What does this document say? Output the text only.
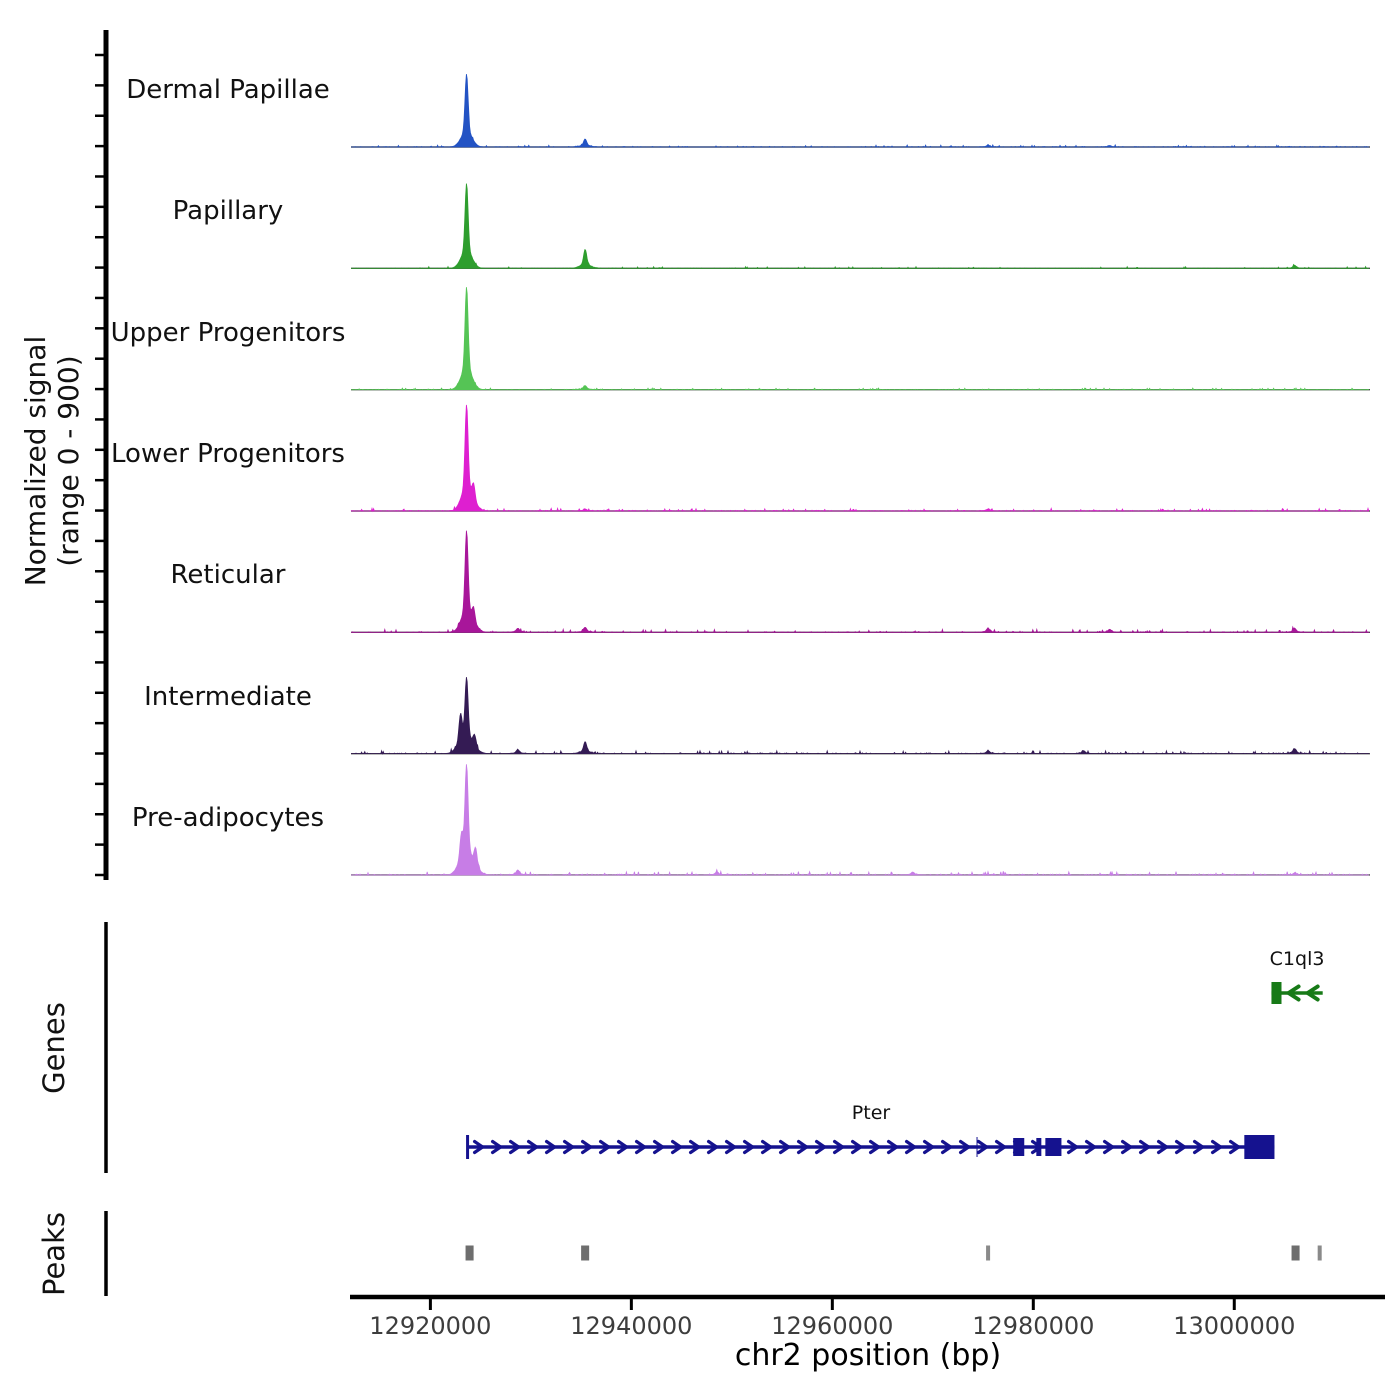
Normalized signal (range 0 - 900)
Dermal Papillae
Papillary
Upper Progenitors
Lower Progenitors
Reticular
Intermediate
Pre-adipocytes
Genes
Peaks
C1ql3
Pter
12920000	12940000	12960000	12980000	13000000
chr2 position (bp)
